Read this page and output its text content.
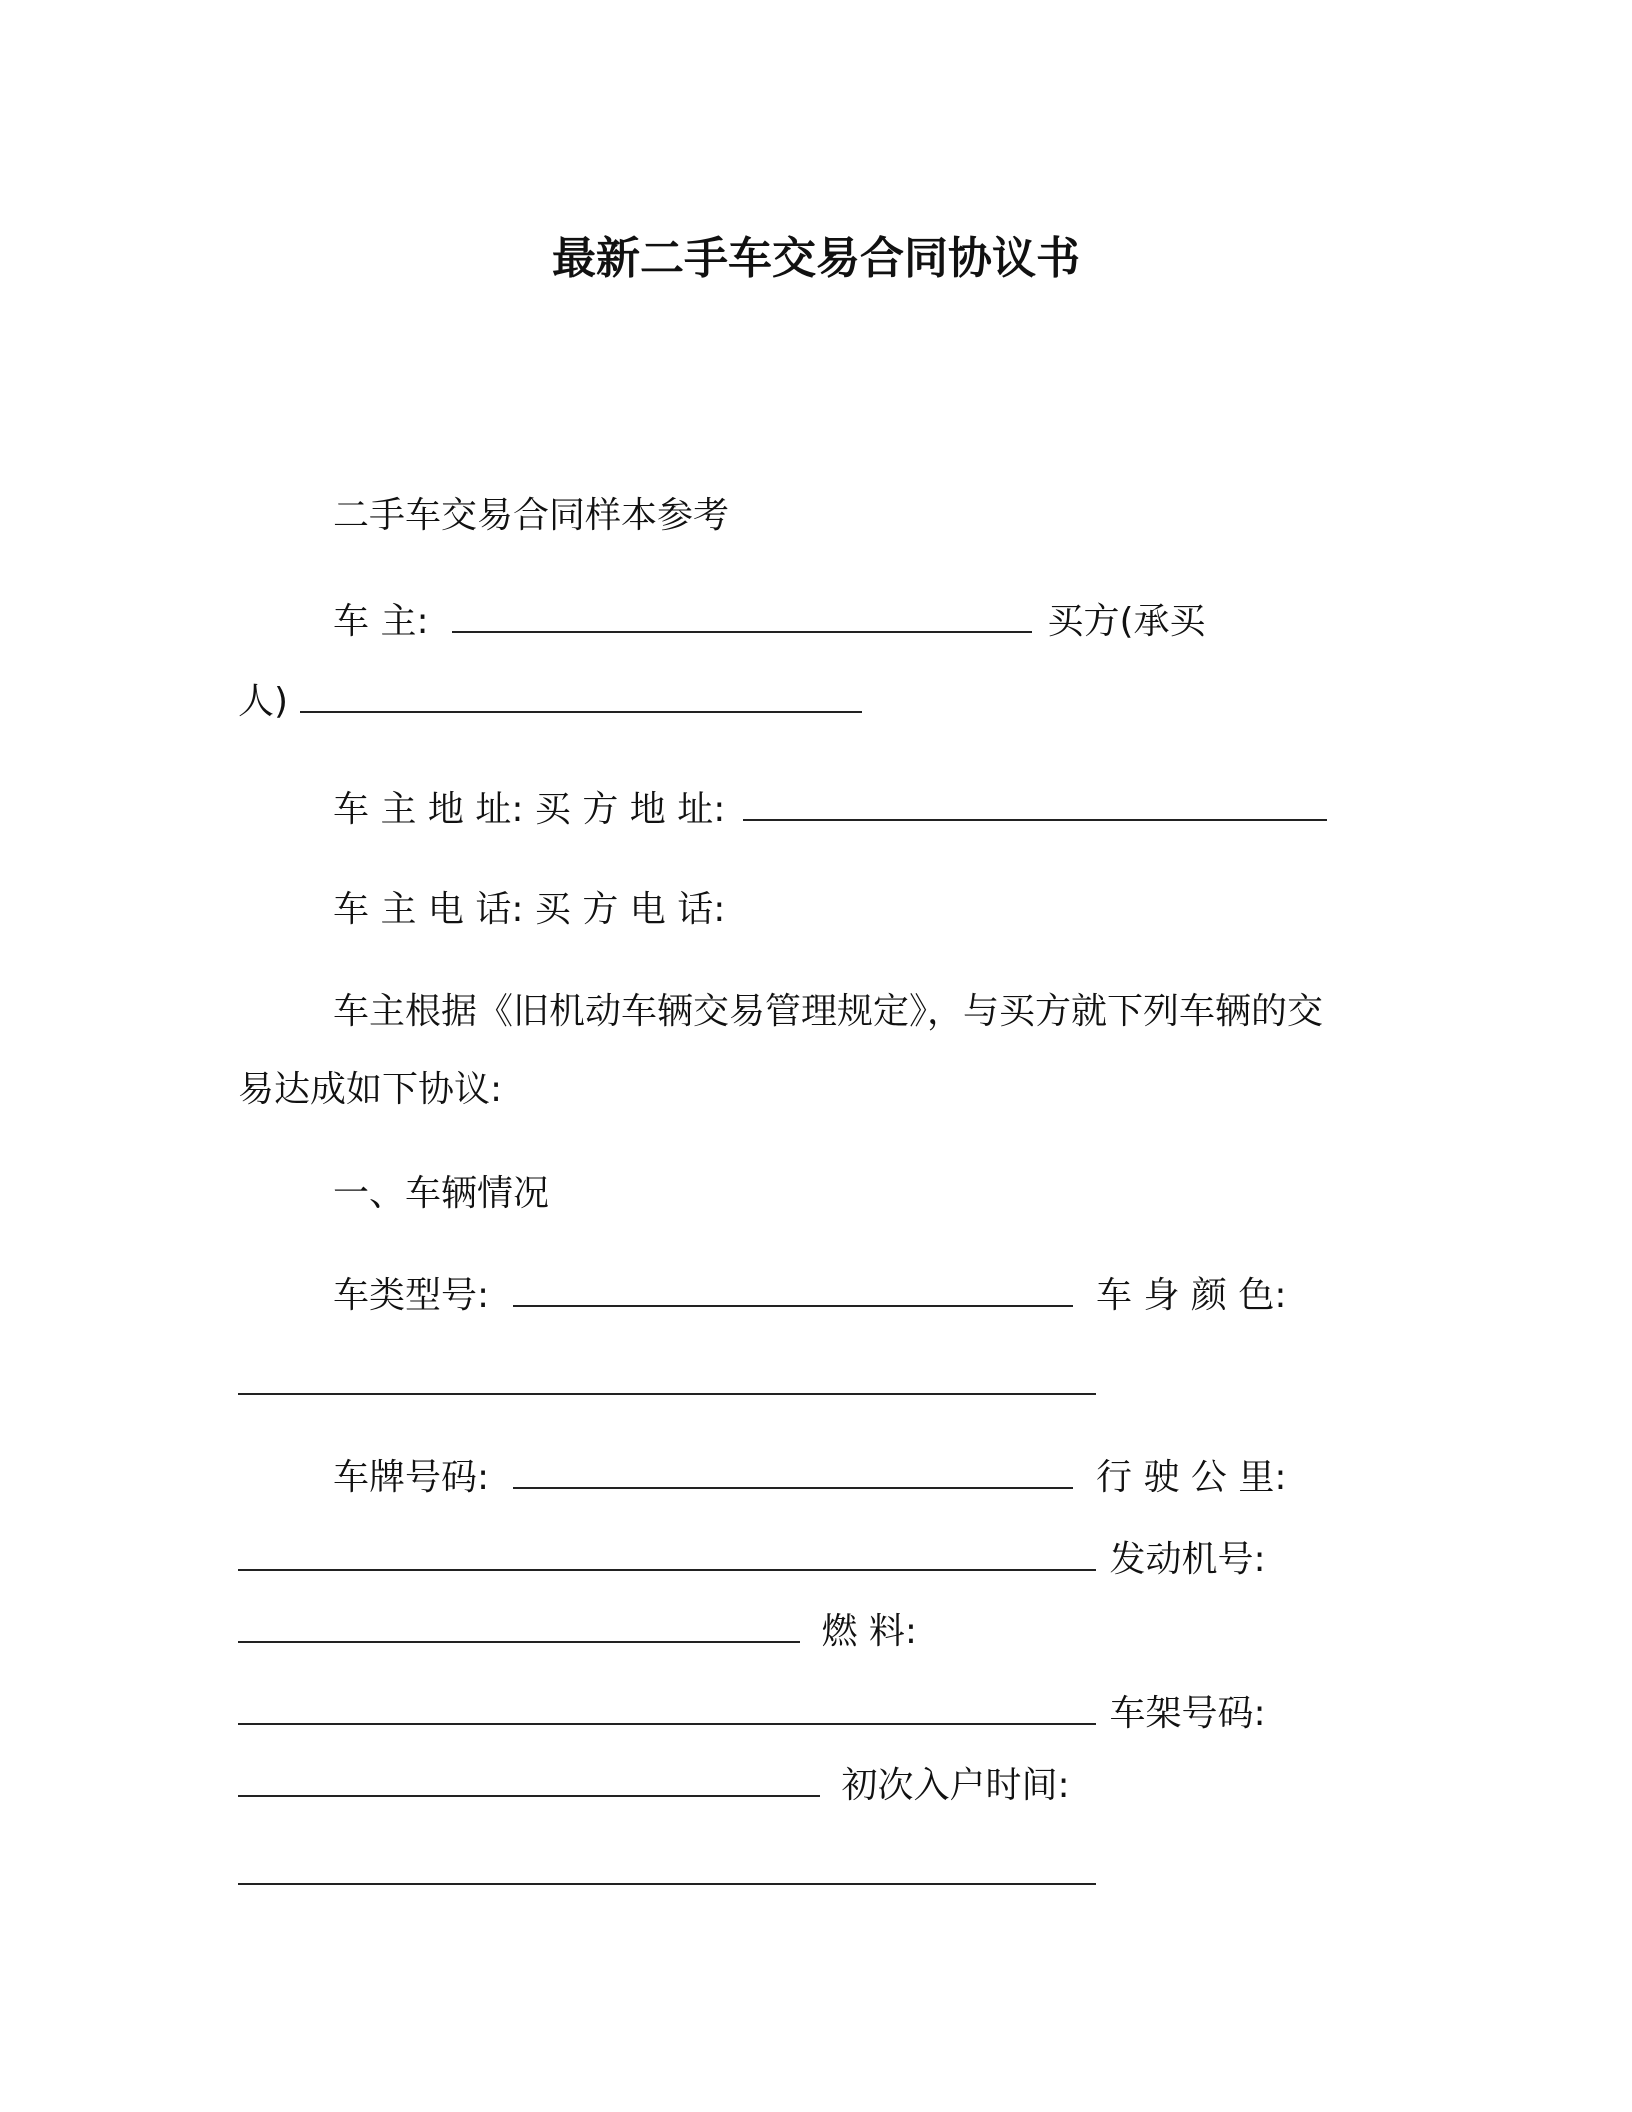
最新二手车交易合同协议书
二手车交易合同样本参考
车 主:	买方(承买
人)
车 主 地 址: 买 方 地 址:
车 主 电 话: 买 方 电 话:
车主根据《旧机动车辆交易管理规定》，与买方就下列车辆的交
易达成如下协议:
一、车辆情况
车类型号:	车 身 颜 色:
车牌号码:	行 驶 公 里:
发动机号:
燃 料:
车架号码:
初次入户时间:
